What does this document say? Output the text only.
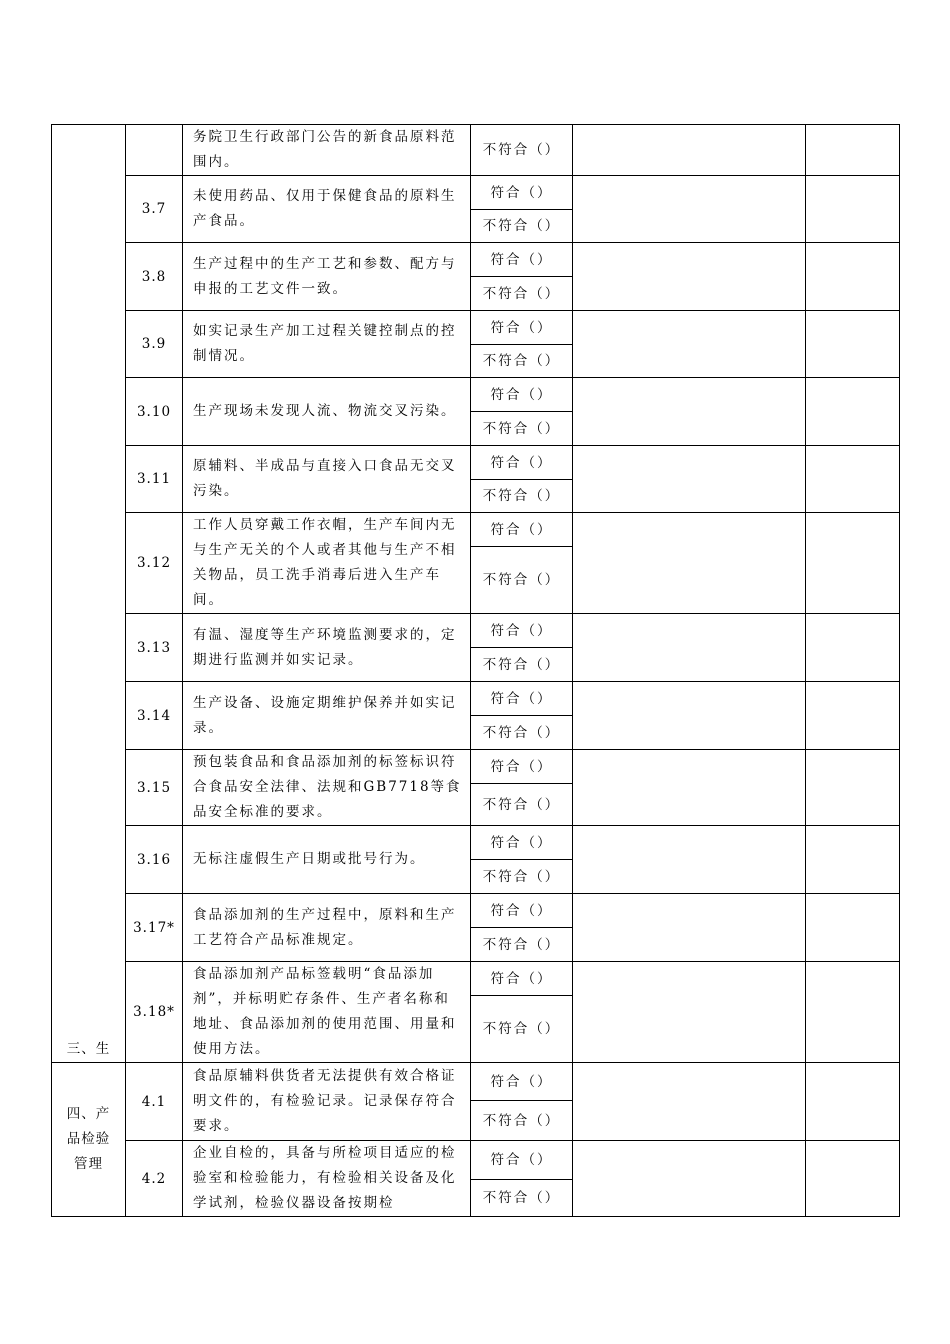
三、生		务院卫生行政部门公告的新食品原料范围内。	不符合（）		
	3.7	未使用药品、仅用于保健食品的原料生产食品。	符合（）		
			不符合（）		
	3.8	生产过程中的生产工艺和参数、配方与申报的工艺文件一致。	符合（）		
			不符合（）		
	3.9	如实记录生产加工过程关键控制点的控制情况。	符合（）		
			不符合（）		
	3.10	生产现场未发现人流、物流交叉污染。	符合（）		
			不符合（）		
	3.11	原辅料、半成品与直接入口食品无交叉污染。	符合（）		
			不符合（）		
	3.12	工作人员穿戴工作衣帽，生产车间内无与生产无关的个人或者其他与生产不相关物品，员工洗手消毒后进入生产车间。	符合（）		
			不符合（）		
	3.13	有温、湿度等生产环境监测要求的，定期进行监测并如实记录。	符合（）		
			不符合（）		
	3.14	生产设备、设施定期维护保养并如实记录。	符合（）		
			不符合（）		
	3.15	预包装食品和食品添加剂的标签标识符合食品安全法律、法规和GB7718等食品安全标准的要求。	符合（）		
			不符合（）		
	3.16	无标注虚假生产日期或批号行为。	符合（）		
			不符合（）		
	3.17*	食品添加剂的生产过程中，原料和生产工艺符合产品标准规定。	符合（）		
			不符合（）		
	3.18*	食品添加剂产品标签载明“食品添加剂”，并标明贮存条件、生产者名称和地址、食品添加剂的使用范围、用量和使用方法。	符合（）		
			不符合（）		
四、产品检验管理	4.1	食品原辅料供货者无法提供有效合格证明文件的，有检验记录。记录保存符合要求。	符合（）		
			不符合（）		
	4.2	企业自检的，具备与所检项目适应的检验室和检验能力，有检验相关设备及化学试剂，检验仪器设备按期检	符合（）		
			不符合（）		
